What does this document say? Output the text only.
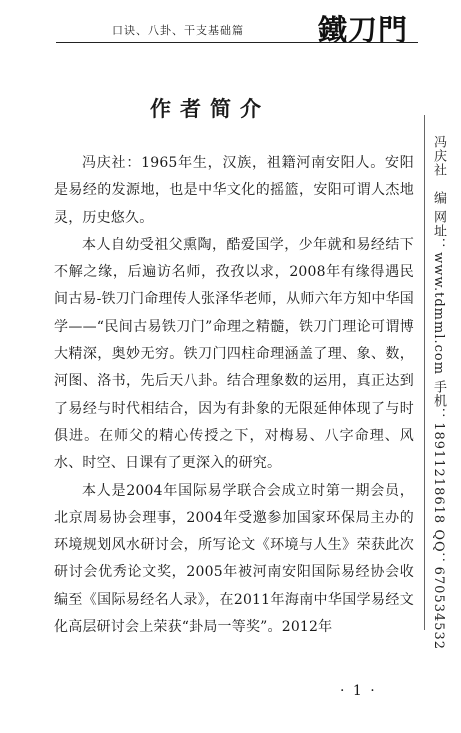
口诀、八卦、干支基础篇	鐵刀門
作者简介

冯庆社：1965年生，汉族，祖籍河南安阳人。安阳是易经的发源地，也是中华文化的摇篮，安阳可谓人杰地灵，历史悠久。

本人自幼受祖父熏陶，酷爱国学，少年就和易经结下不解之缘，后遍访名师，孜孜以求，2008年有缘得遇民间古易-铁刀门命理传人张泽华老师，从师六年方知中华国学——“民间古易铁刀门”命理之精髓，铁刀门理论可谓博大精深，奥妙无穷。铁刀门四柱命理涵盖了理、象、数，河图、洛书，先后天八卦。结合理象数的运用，真正达到了易经与时代相结合，因为有卦象的无限延伸体现了与时俱进。在师父的精心传授之下，对梅易、八字命理、风水、时空、日课有了更深入的研究。

本人是2004年国际易学联合会成立时第一期会员，北京周易协会理事，2004年受邀参加国家环保局主办的环境规划风水研讨会，所写论文《环境与人生》荣获此次研讨会优秀论文奖，2005年被河南安阳国际易经协会收编至《国际易经名人录》，在2011年海南中华国学易经文化高层研讨会上荣获“卦局一等奖”。2012年

· 1 ·
冯庆社　编 网址：www.tdmml.com 手机：18911218618 QQ：670534532
